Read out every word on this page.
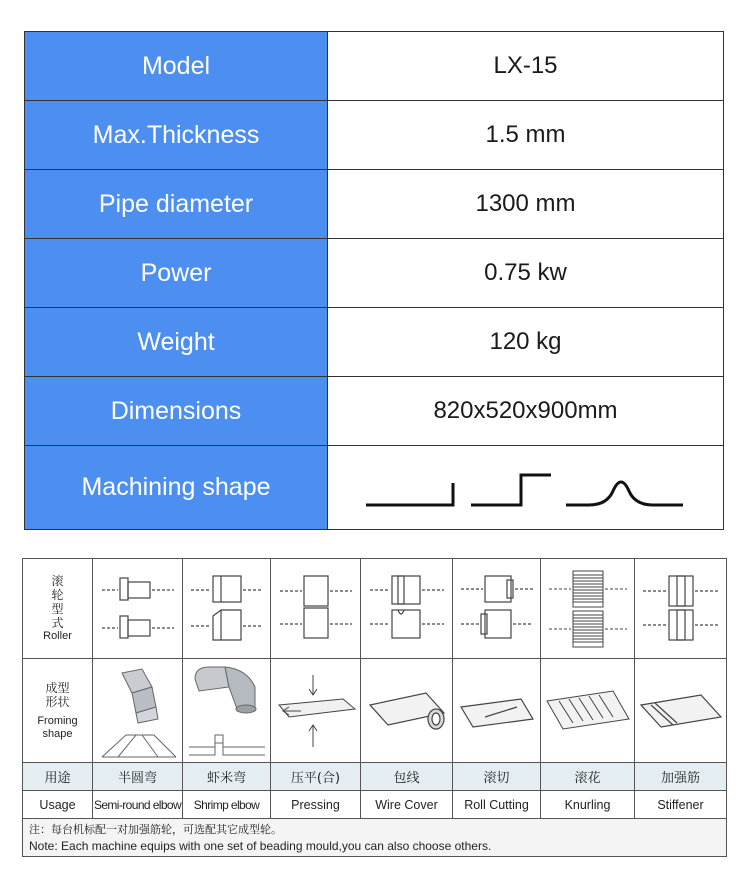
Model	LX-15
Max.Thickness	1.5 mm
Pipe diameter	1300 mm
Power	0.75 kw
Weight	120 kg
Dimensions	820x520x900mm
Machining shape	
滚轮型式
Roller

成型形状
Froming shape

用途	半圆弯	虾米弯	压平(合)	包线	滚切	滚花	加强筋
Usage	Semi-round elbow	Shrimp elbow	Pressing	Wire Cover	Roll Cutting	Knurling	Stiffener

注：每台机标配一对加强筋轮，可选配其它成型轮。
Note: Each machine equips with one set of beading mould,you can also choose others.							
